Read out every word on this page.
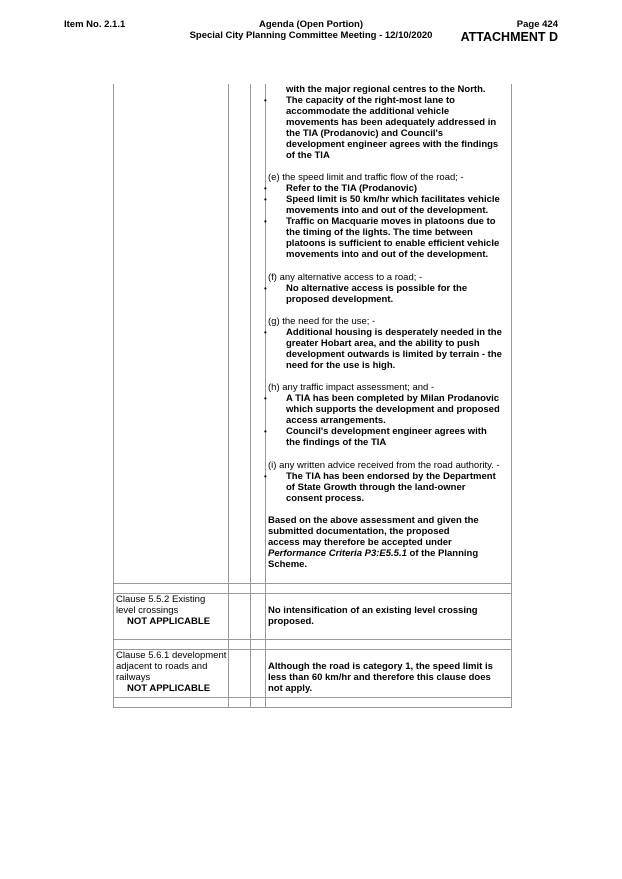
Item No. 2.1.1	Agenda (Open Portion)
Special City Planning Committee Meeting - 12/10/2020
Page 424
ATTACHMENT D
with the major regional centres to the North.
• The capacity of the right-most lane to
accommodate the additional vehicle
movements has been adequately addressed in
the TIA (Prodanovic) and Council's
development engineer agrees with the findings
of the TIA
(e) the speed limit and traffic flow of the road; -
• Refer to the TIA (Prodanovic)
• Speed limit is 50 km/hr which facilitates vehicle
movements into and out of the development.
• Traffic on Macquarie moves in platoons due to
the timing of the lights. The time between
platoons is sufficient to enable efficient vehicle
movements into and out of the development.
(f) any alternative access to a road; -
• No alternative access is possible for the
proposed development.
(g) the need for the use; -
• Additional housing is desperately needed in the
greater Hobart area, and the ability to push
development outwards is limited by terrain - the
need for the use is high.
(h) any traffic impact assessment; and -
• A TIA has been completed by Milan Prodanovic
which supports the development and proposed
access arrangements.
• Council's development engineer agrees with
the findings of the TIA
(i) any written advice received from the road authority. -
• The TIA has been endorsed by the Department
of State Growth through the land-owner
consent process.
Based on the above assessment and given the
submitted documentation, the proposed
access may therefore be accepted under
Performance Criteria P3:E5.5.1 of the Planning
Scheme.
Clause 5.5.2 Existing
level crossings
NOT APPLICABLE
No intensification of an existing level crossing
proposed.
Clause 5.6.1 development
adjacent to roads and
railways
NOT APPLICABLE
Although the road is category 1, the speed limit is
less than 60 km/hr and therefore this clause does
not apply.
